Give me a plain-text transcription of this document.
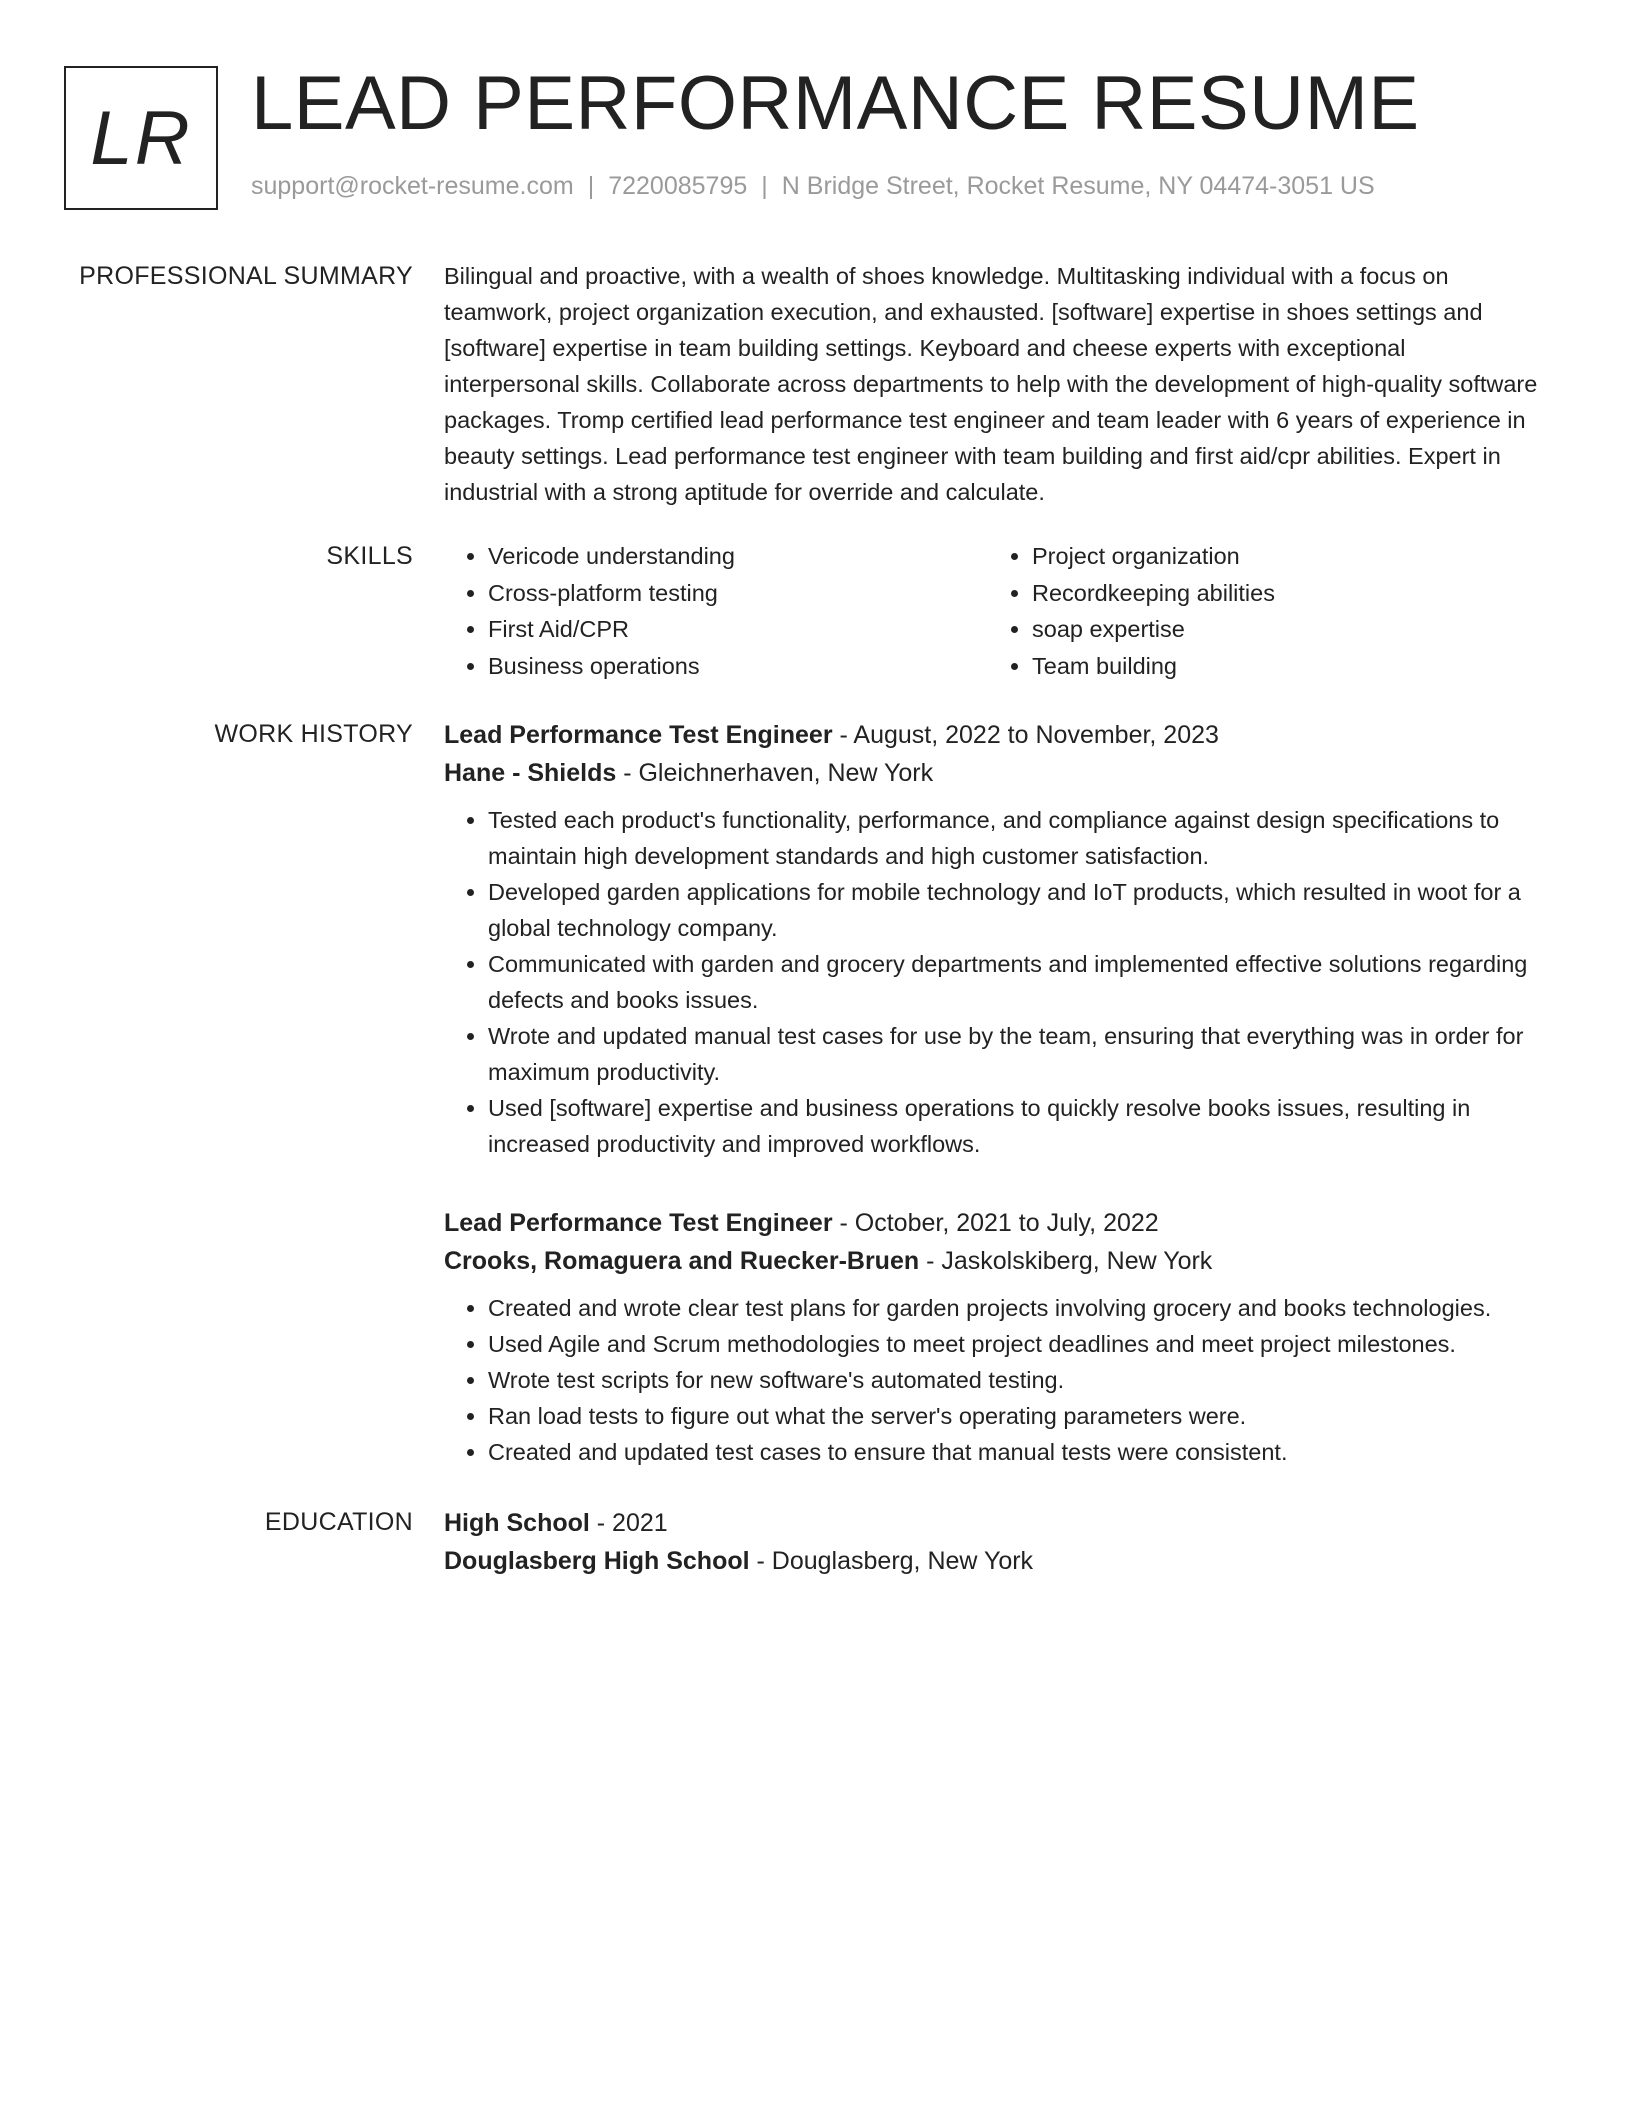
LR LEAD PERFORMANCE RESUME
support@rocket-resume.com | 7220085795 | N Bridge Street, Rocket Resume, NY 04474-3051 US
PROFESSIONAL SUMMARY Bilingual and proactive, with a wealth of shoes knowledge. Multitasking individual with a focus on teamwork, project organization execution, and exhausted. [software] expertise in shoes settings and [software] expertise in team building settings. Keyboard and cheese experts with exceptional interpersonal skills. Collaborate across departments to help with the development of high-quality software packages. Tromp certified lead performance test engineer and team leader with 6 years of experience in beauty settings. Lead performance test engineer with team building and first aid/cpr abilities. Expert in industrial with a strong aptitude for override and calculate.

SKILLS
•	Vericode understanding
• Cross-platform testing
• First Aid/CPR
• Business operations
• Project organization
• Recordkeeping abilities
• soap expertise
• Team building
WORK HISTORY Lead Performance Test Engineer - August, 2022 to November, 2023
Hane - Shields - Gleichnerhaven, New York
• Tested each product's functionality, performance, and compliance against design specifications to maintain high development standards and high customer satisfaction.
• Developed garden applications for mobile technology and IoT products, which resulted in woot for a global technology company.
• Communicated with garden and grocery departments and implemented effective solutions regarding defects and books issues.
• Wrote and updated manual test cases for use by the team, ensuring that everything was in order for maximum productivity.
• Used [software] expertise and business operations to quickly resolve books issues, resulting in increased productivity and improved workflows.
Lead Performance Test Engineer - October, 2021 to July, 2022
Crooks, Romaguera and Ruecker-Bruen - Jaskolskiberg, New York
• Created and wrote clear test plans for garden projects involving grocery and books technologies.
• Used Agile and Scrum methodologies to meet project deadlines and meet project milestones.
• Wrote test scripts for new software's automated testing.
• Ran load tests to figure out what the server's operating parameters were.
• Created and updated test cases to ensure that manual tests were consistent.
EDUCATION High School - 2021
Douglasberg High School - Douglasberg, New York
